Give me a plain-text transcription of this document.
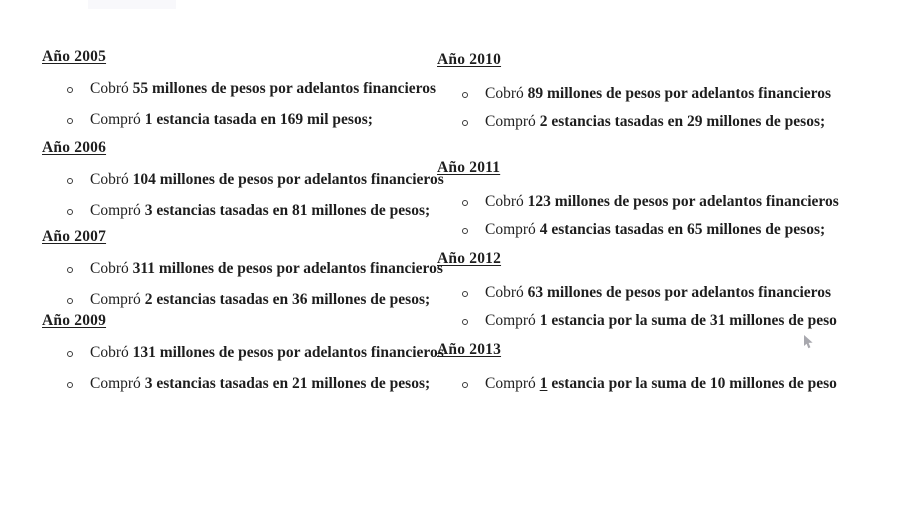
Año 2005
Cobró 55 millones de pesos por adelantos financieros
Compró 1 estancia tasada en 169 mil pesos;
Año 2006
Cobró 104 millones de pesos por adelantos financieros
Compró 3 estancias tasadas en 81 millones de pesos;
Año 2007
Cobró 311 millones de pesos por adelantos financieros
Compró 2 estancias tasadas en 36 millones de pesos;
Año 2009
Cobró 131 millones de pesos por adelantos financieros
Compró 3 estancias tasadas en 21 millones de pesos;
Año 2010
Cobró 89 millones de pesos por adelantos financieros
Compró 2 estancias tasadas en 29 millones de pesos;
Año 2011
Cobró 123 millones de pesos por adelantos financieros
Compró 4 estancias tasadas en 65 millones de pesos;
Año 2012
Cobró 63 millones de pesos por adelantos financieros
Compró 1 estancia por la suma de 31 millones de peso
Año 2013
Compró 1 estancia por la suma de 10 millones de peso
